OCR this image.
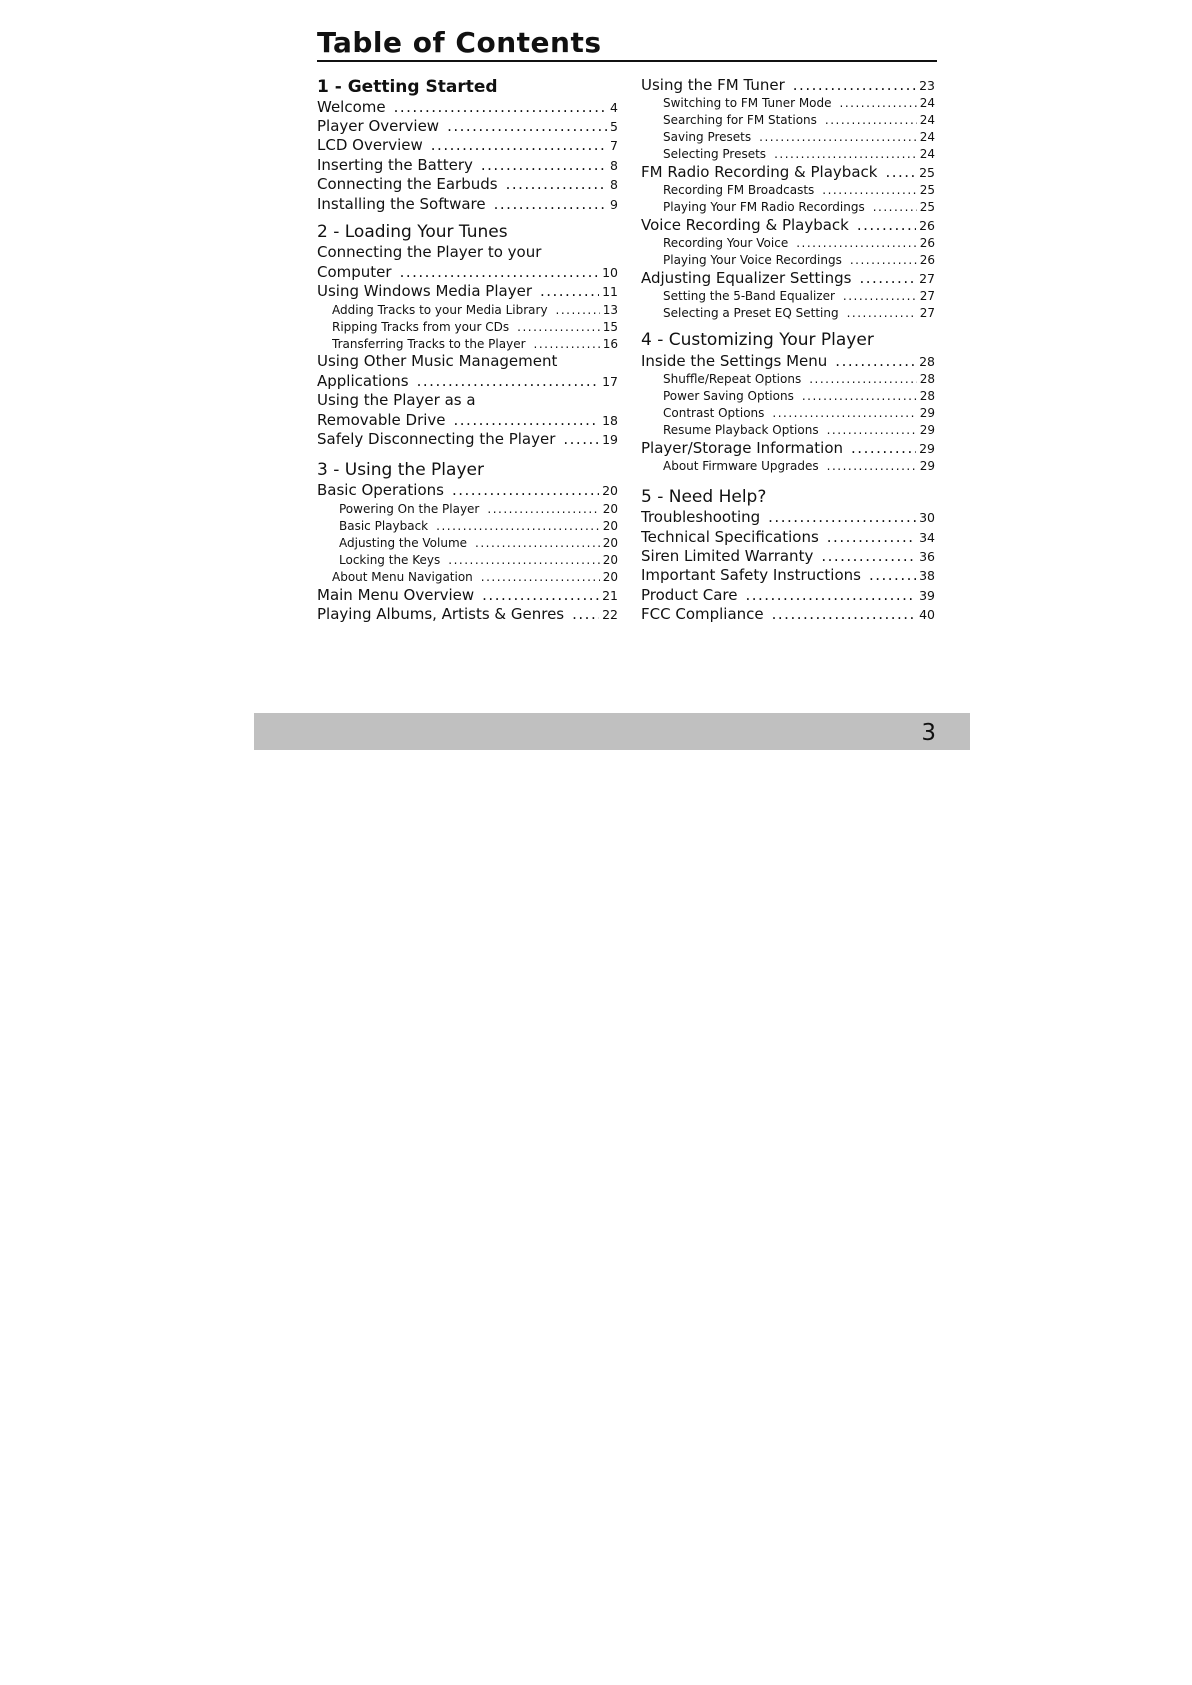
Table of Contents
1 - Getting Started
Welcome .....	4
Player Overview .....	5
LCD Overview .....	7
Inserting the Battery .....	8
Connecting the Earbuds .....	8
Installing the Software .....	9
2 - Loading Your Tunes
Connecting the Player to your
Computer .....	10
Using Windows Media Player .....	11
Adding Tracks to your Media Library .....	13
Ripping Tracks from your CDs .....	15
Transferring Tracks to the Player .....	16
Using Other Music Management
Applications .....	17
Using the Player as a
Removable Drive .....	18
Safely Disconnecting the Player .....	19
3 - Using the Player
Basic Operations .....	20
Powering On the Player .....	20
Basic Playback .....	20
Adjusting the Volume .....	20
Locking the Keys .....	20
About Menu Navigation .....	20
Main Menu Overview .....	21
Playing Albums, Artists & Genres .....	22
Using the FM Tuner .....	23
Switching to FM Tuner Mode .....	24
Searching for FM Stations .....	24
Saving Presets .....	24
Selecting Presets .....	24
FM Radio Recording & Playback .....	25
Recording FM Broadcasts .....	25
Playing Your FM Radio Recordings .....	25
Voice Recording & Playback .....	26
Recording Your Voice .....	26
Playing Your Voice Recordings .....	26
Adjusting Equalizer Settings .....	27
Setting the 5-Band Equalizer .....	27
Selecting a Preset EQ Setting .....	27
4 - Customizing Your Player
Inside the Settings Menu .....	28
Shuffle/Repeat Options .....	28
Power Saving Options .....	28
Contrast Options .....	29
Resume Playback Options .....	29
Player/Storage Information .....	29
About Firmware Upgrades .....	29
5 - Need Help?
Troubleshooting .....	30
Technical Specifications .....	34
Siren Limited Warranty .....	36
Important Safety Instructions .....	38
Product Care .....	39
FCC Compliance .....	40
3
